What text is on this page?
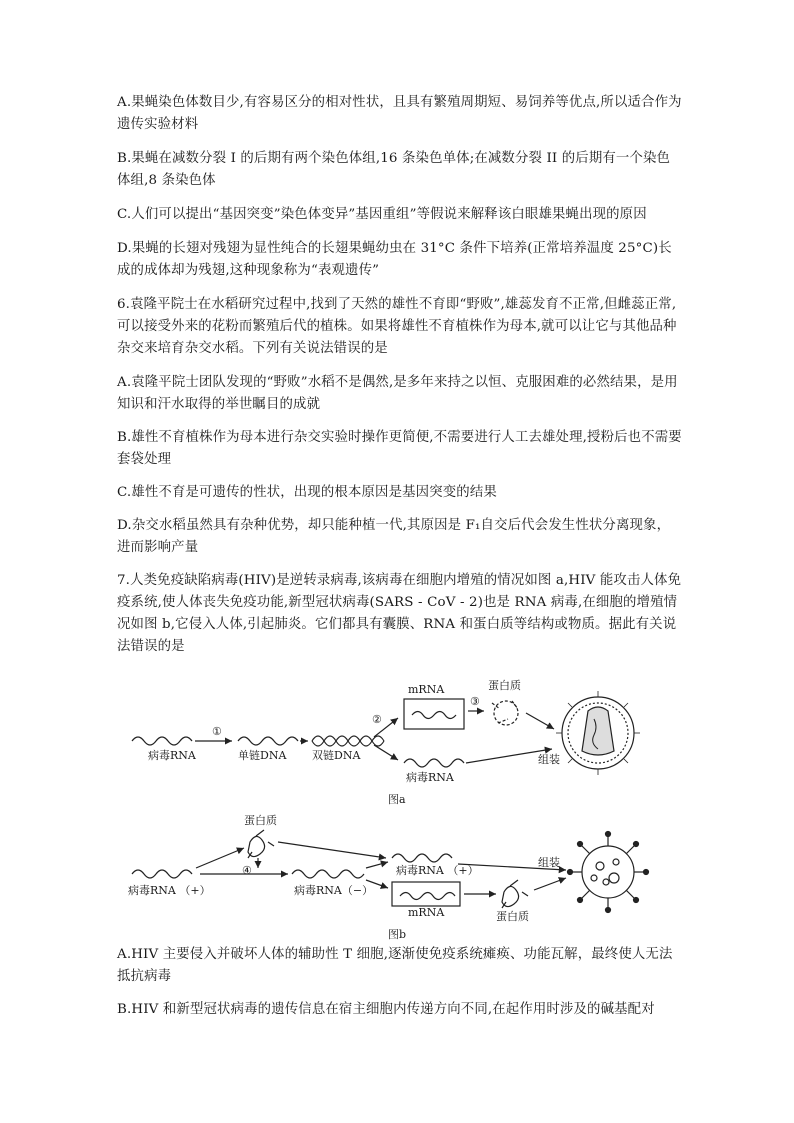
A.果蝇染色体数目少,有容易区分的相对性状，且具有繁殖周期短、易饲养等优点,所以适合作为遗传实验材料

B.果蝇在减数分裂 I 的后期有两个染色体组,16 条染色单体;在减数分裂 II 的后期有一个染色体组,8 条染色体

C.人们可以提出“基因突变”染色体变异”基因重组”等假说来解释该白眼雄果蝇出现的原因

D.果蝇的长翅对残翅为显性纯合的长翅果蝇幼虫在 31°C 条件下培养(正常培养温度 25°C)长成的成体却为残翅,这种现象称为“表观遗传”

6.袁隆平院士在水稻研究过程中,找到了天然的雄性不育即“野败”,雄蕊发育不正常,但雌蕊正常,可以接受外来的花粉而繁殖后代的植株。如果将雄性不育植株作为母本,就可以让它与其他品种杂交来培育杂交水稻。下列有关说法错误的是

A.袁隆平院士团队发现的“野败”水稻不是偶然,是多年来持之以恒、克服困难的必然结果，是用知识和汗水取得的举世瞩目的成就

B.雄性不育植株作为母本进行杂交实验时操作更简便,不需要进行人工去雄处理,授粉后也不需要套袋处理

C.雄性不育是可遗传的性状，出现的根本原因是基因突变的结果

D.杂交水稻虽然具有杂种优势，却只能种植一代,其原因是 F₁自交后代会发生性状分离现象，进而影响产量

7.人类免疫缺陷病毒(HIV)是逆转录病毒,该病毒在细胞内增殖的情况如图 a,HIV 能攻击人体免疫系统,使人体丧失免疫功能,新型冠状病毒(SARS - CoV - 2)也是 RNA 病毒,在细胞的增殖情况如图 b,它侵入人体,引起肺炎。它们都具有囊膜、RNA 和蛋白质等结构或物质。据此有关说法错误的是

①
②
③
病毒RNA	单链DNA 双链DNA
mRNA	蛋白质
病毒RNA
组装
图a
蛋白质
④
病毒RNA （+）	病毒RNA（−）
病毒RNA （+）
mRNA	蛋白质
组装
图b

A.HIV 主要侵入并破坏人体的辅助性 T 细胞,逐渐使免疫系统瘫痪、功能瓦解，最终使人无法抵抗病毒

B.HIV 和新型冠状病毒的遗传信息在宿主细胞内传递方向不同,在起作用时涉及的碱基配对
